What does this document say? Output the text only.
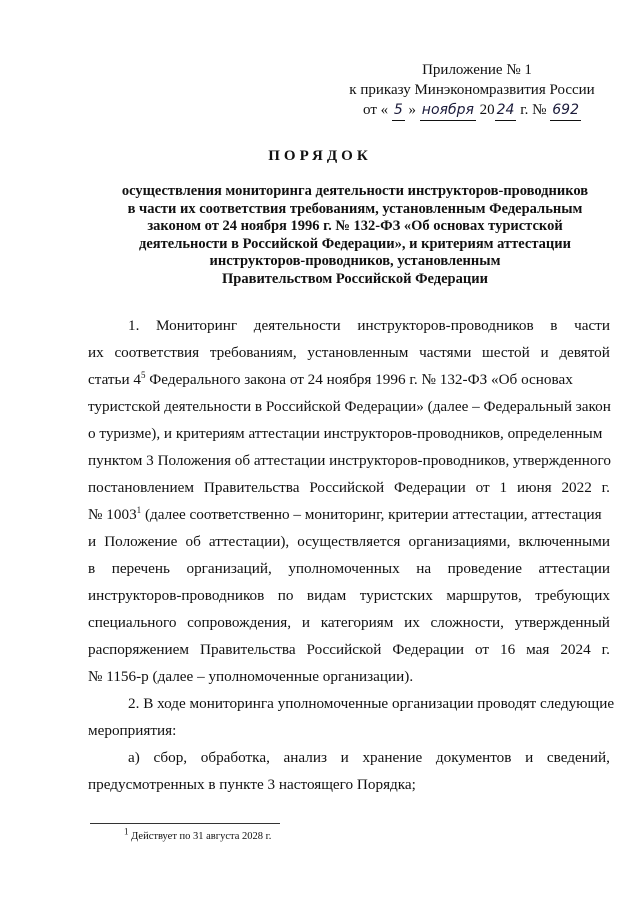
Приложение № 1
к приказу Минэкономразвития России
от « 5 » ноября 20 24 г. № 692
ПОРЯДОК
осуществления мониторинга деятельности инструкторов-проводников
в части их соответствия требованиям, установленным Федеральным
законом от 24 ноября 1996 г. № 132-ФЗ «Об основах туристской
деятельности в Российской Федерации», и критериям аттестации
инструкторов-проводников, установленным
Правительством Российской Федерации
1. Мониторинг деятельности инструкторов-проводников в части
их соответствия требованиям, установленным частями шестой и девятой
статьи $4^5$ Федерального закона от 24 ноября 1996 г. № 132-ФЗ «Об основах
туристской деятельности в Российской Федерации» (далее – Федеральный закон
о туризме), и критериям аттестации инструкторов-проводников, определенным
пунктом 3 Положения об аттестации инструкторов-проводников, утвержденного
постановлением Правительства Российской Федерации от 1 июня 2022 г.
№ 1003$^1$ (далее соответственно – мониторинг, критерии аттестации, аттестация
и Положение об аттестации), осуществляется организациями, включенными
в перечень организаций, уполномоченных на проведение аттестации
инструкторов-проводников по видам туристских маршрутов, требующих
специального сопровождения, и категориям их сложности, утвержденный
распоряжением Правительства Российской Федерации от 16 мая 2024 г.
№ 1156-р (далее – уполномоченные организации).
2. В ходе мониторинга уполномоченные организации проводят следующие
мероприятия:
а) сбор, обработка, анализ и хранение документов и сведений,
предусмотренных в пункте 3 настоящего Порядка;
$^1$ Действует по 31 августа 2028 г.
